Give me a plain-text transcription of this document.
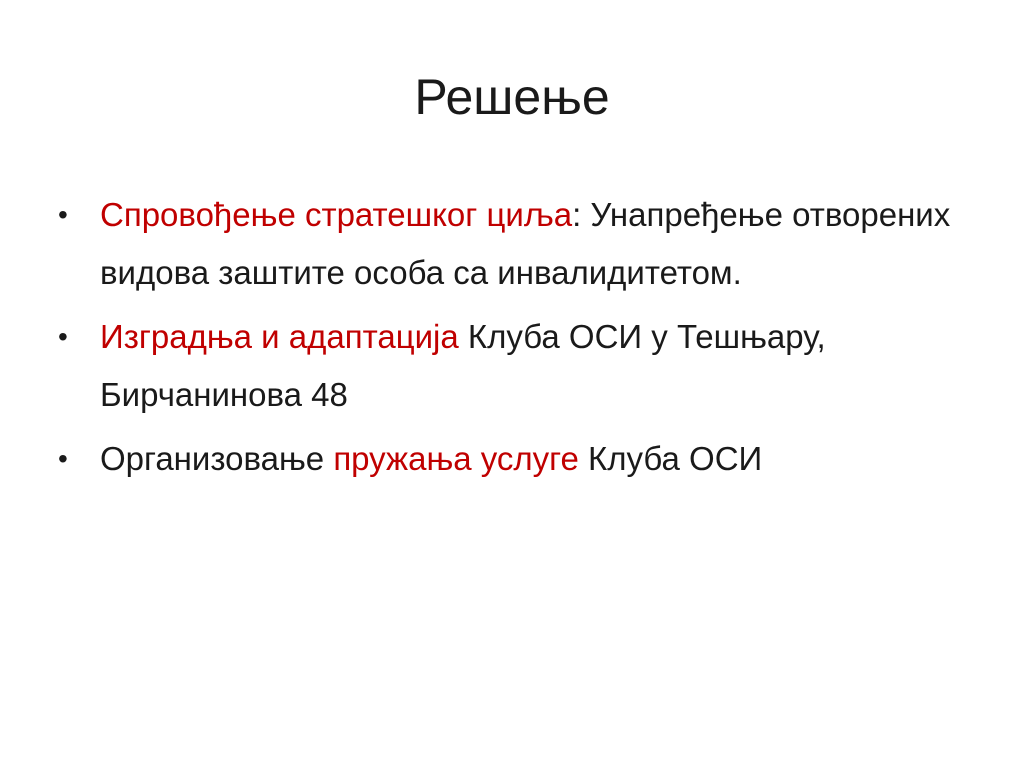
Решење
• Спровођење стратешког циља: Унапређење отворених видова заштите особа са инвалидитетом.
• Изградња и адаптација Клуба ОСИ у Тешњару, Бирчанинова 48
• Организовање пружања услуге Клуба ОСИ
